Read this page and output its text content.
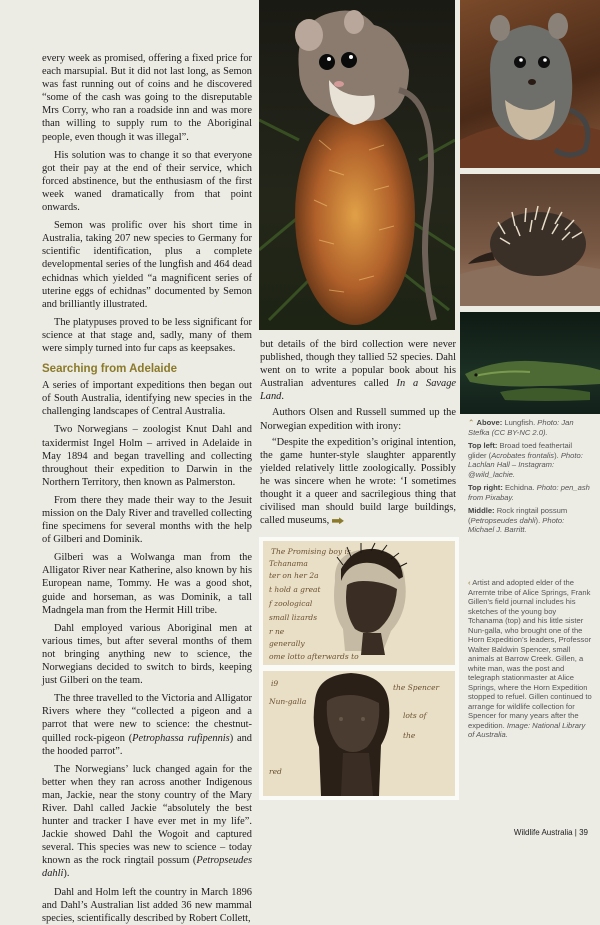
every week as promised, offering a fixed price for each marsupial. But it did not last long, as Semon was fast running out of coins and he discovered “some of the cash was going to the disreputable Mrs Corry, who ran a roadside inn and was more than willing to supply rum to the Aboriginal people, even though it was illegal”.

His solution was to change it so that everyone got their pay at the end of their service, which forced abstinence, but the enthusiasm of the first week waned dramatically from that point onwards.

Semon was prolific over his short time in Australia, taking 207 new species to Germany for scientific identification, plus a complete developmental series of the lungfish and 464 dead echidnas which yielded “a magnificent series of uterine eggs of echidnas” documented by Semon and brilliantly illustrated.

The platypuses proved to be less significant for science at that stage and, sadly, many of them were simply turned into fur caps as keepsakes.

Searching from Adelaide

A series of important expeditions then began out of South Australia, identifying new species in the challenging landscapes of Central Australia.

Two Norwegians – zoologist Knut Dahl and taxidermist Ingel Holm – arrived in Adelaide in May 1894 and began travelling and collecting throughout their expedition to Darwin in the Northern Territory, then known as Palmerston.

From there they made their way to the Jesuit mission on the Daly River and travelled collecting fine specimens for several months with the help of Gilberi and Dominik.

Gilberi was a Wolwanga man from the Alligator River near Katherine, also known by his European name, Tommy. He was a good shot, guide and horseman, as was Dominik, a tall Madngela man from the Hermit Hill tribe.

Dahl employed various Aboriginal men at various times, but after several months of them not bringing anything new to science, the Norwegians decided to switch to birds, keeping just Gilberi on the team.

The three travelled to the Victoria and Alligator Rivers where they “collected a pigeon and a parrot that were new to science: the chestnut-quilled rock-pigeon (Petrophassa rufipennis) and the hooded parrot”.

The Norwegians’ luck changed again for the better when they ran across another Indigenous man, Jackie, near the stony country of the Mary River. Dahl called Jackie “absolutely the best hunter and tracker I have ever met in my life”. Jackie showed Dahl the Wogoit and captured several. This species was new to science – today known as the rock ringtail possum (Petropseudes dahli).

Dahl and Holm left the country in March 1896 and Dahl’s Australian list added 36 new mammal species, scientifically described by Robert Collett,

but details of the bird collection were never published, though they tallied 52 species. Dahl went on to write a popular book about his Australian adventures called In a Savage Land.

Authors Olsen and Russell summed up the Norwegian expedition with irony:

“Despite the expedition’s original intention, the game hunter-style slaughter apparently yielded relatively little zoologically. Possibly he was sincere when he wrote: ‘I sometimes thought it a queer and sacrilegious thing that civilised man should build large buildings, called museums,

⌃ Above: Lungfish. Photo: Jan Stefka (CC BY-NC 2.0).

Top left: Broad toed feathertail glider (Acrobates frontalis). Photo: Lachlan Hall – Instagram: @wild_lachie.

Top right: Echidna. Photo: pen_ash from Pixabay.

Middle: Rock ringtail possum (Petropseudes dahli). Photo: Michael J. Barritt.

‹ Artist and adopted elder of the Arrernte tribe of Alice Springs, Frank Gillen’s field journal includes his sketches of the young boy Tchanama (top) and his little sister Nun-galla, who brought one of the Horn Expedition’s leaders, Professor Walter Baldwin Spencer, small animals at Barrow Creek. Gillen, a white man, was the post and telegraph stationmaster at Alice Springs, where the Horn Expedition stopped to refuel. Gillen continued to arrange for wildlife collection for Spencer for many years after the expedition. Image: National Library of Australia.

The Promising boy is
Tchanama
ter on her 2a
t hold a great
f zoological
small lizards
r ne
generally
ome lotto afterwards to
i9	the Spencer
Nun-galla
lots of
the
red
Wildlife Australia | 39
